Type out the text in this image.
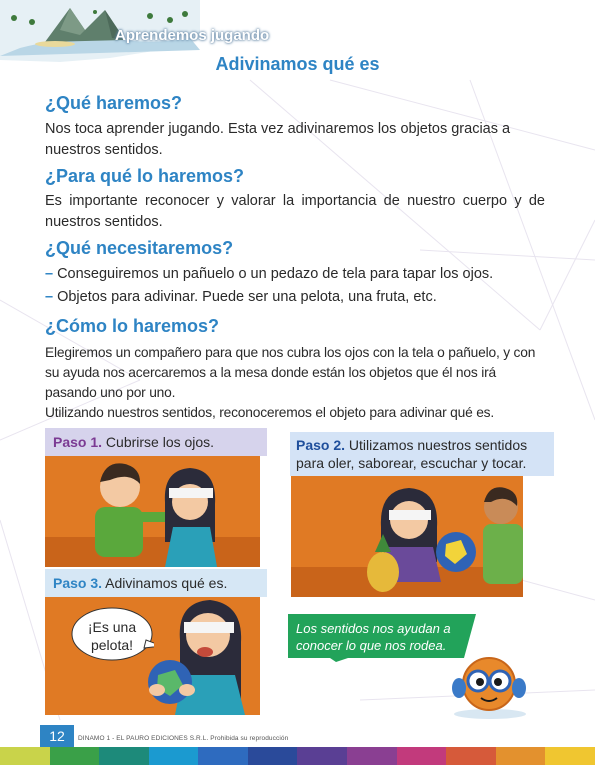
Aprendemos jugando
Adivinamos qué es
¿Qué haremos?

Nos toca aprender jugando. Esta vez adivinaremos los objetos gracias a nuestros sentidos.

¿Para qué lo haremos?

Es importante reconocer y valorar la importancia de nuestro cuerpo y de nuestros sentidos.

¿Qué necesitaremos?
– Conseguiremos un pañuelo o un pedazo de tela para tapar los ojos.
– Objetos para adivinar. Puede ser una pelota, una fruta, etc.
¿Cómo lo haremos?

Elegiremos un compañero para que nos cubra los ojos con la tela o pañuelo, y con su ayuda nos acercaremos a la mesa donde están los objetos que él nos irá pasando uno por uno.

Utilizando nuestros sentidos, reconoceremos el objeto para adivinar qué es.

Paso 1. Cubrirse los ojos.	Paso 2. Utilizamos nuestros sentidos para oler, saborear, escuchar y tocar.
Paso 3. Adivinamos qué es.
¡Es una pelota!
Los sentidos nos ayudan a conocer lo que nos rodea.
12	DINAMO 1 - EL PAURO EDICIONES S.R.L. Prohibida su reproducción
